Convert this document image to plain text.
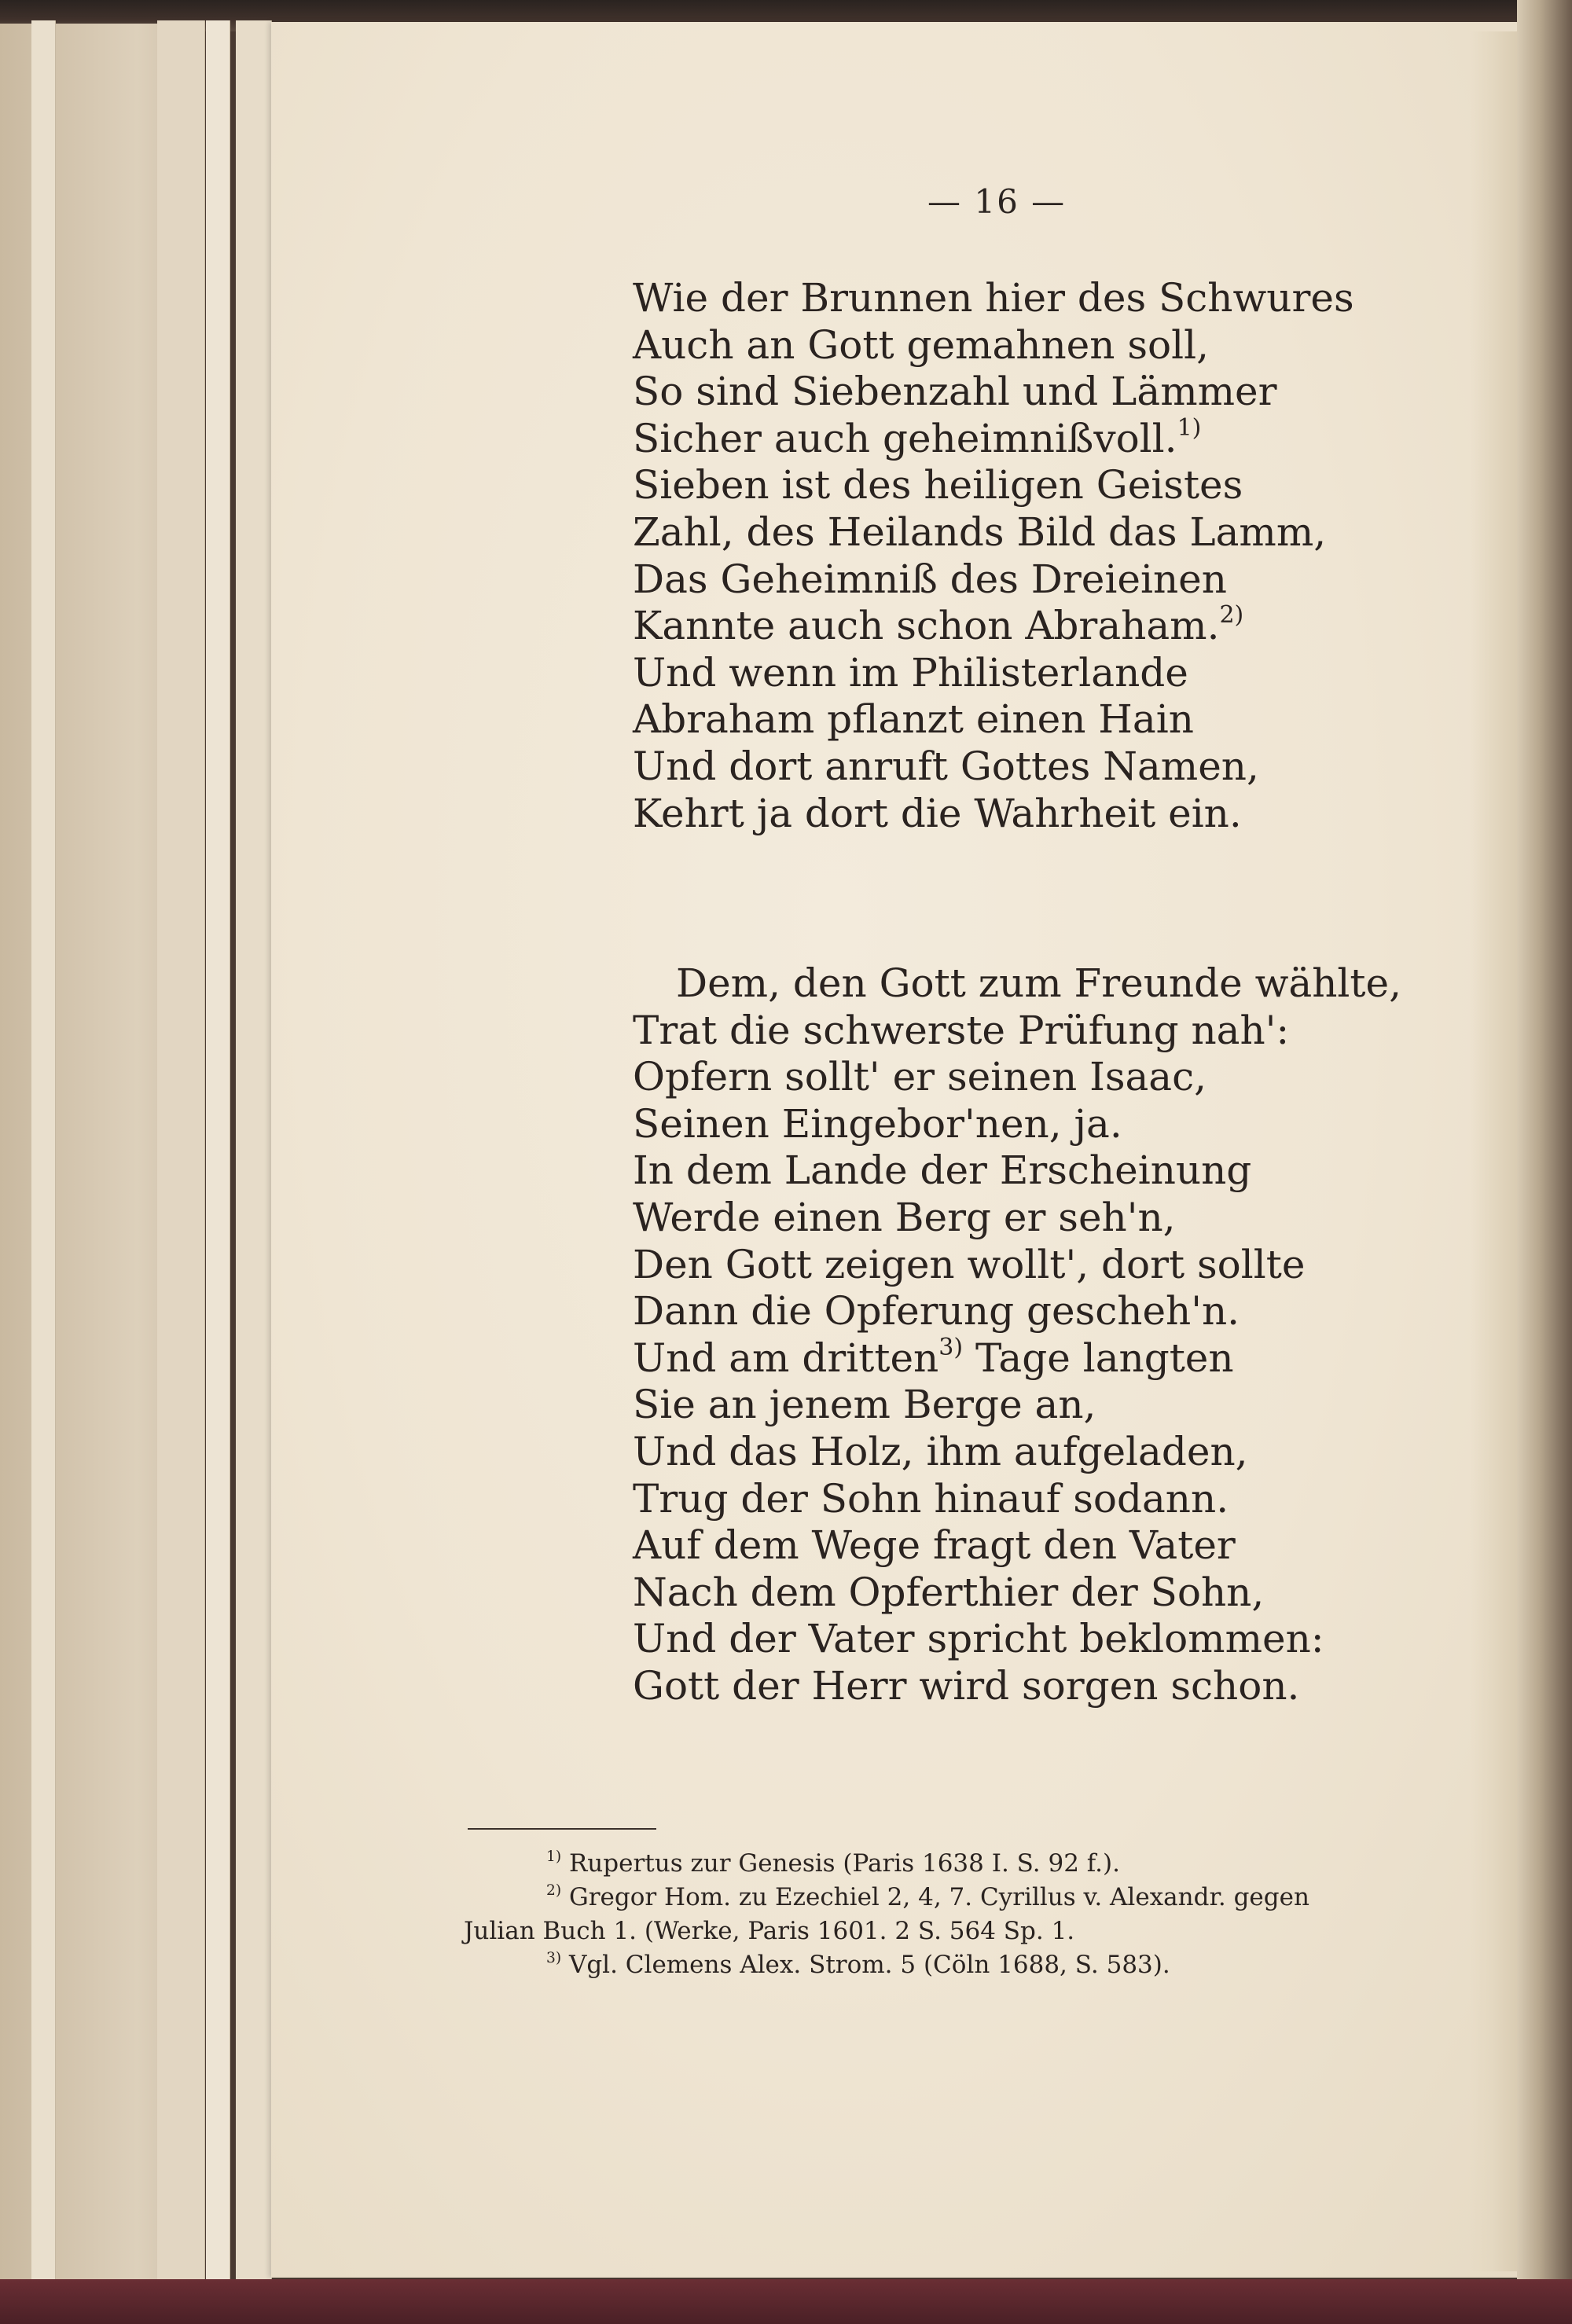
— 16 —
Wie der Brunnen hier des Schwures
Auch an Gott gemahnen soll,
So sind Siebenzahl und Lämmer
Sicher auch geheimnißvoll.$^{1)}$
Sieben ist des heiligen Geistes
Zahl, des Heilands Bild das Lamm,
Das Geheimniß des Dreieinen
Kannte auch schon Abraham.$^{2)}$
Und wenn im Philisterlande
Abraham pflanzt einen Hain
Und dort anruft Gottes Namen,
Kehrt ja dort die Wahrheit ein.
Dem, den Gott zum Freunde wählte,
Trat die schwerste Prüfung nah':
Opfern sollt' er seinen Isaac,
Seinen Eingebor'nen, ja.
In dem Lande der Erscheinung
Werde einen Berg er seh'n,
Den Gott zeigen wollt', dort sollte
Dann die Opferung gescheh'n.
Und am dritten$^{3)}$ Tage langten
Sie an jenem Berge an,
Und das Holz, ihm aufgeladen,
Trug der Sohn hinauf sodann.
Auf dem Wege fragt den Vater
Nach dem Opferthier der Sohn,
Und der Vater spricht beklommen:
Gott der Herr wird sorgen schon.
$^{1)}$ Rupertus zur Genesis (Paris 1638 I. S. 92 f.).
$^{2)}$ Gregor Hom. zu Ezechiel 2, 4, 7. Cyrillus v. Alexandr. gegen
Julian Buch 1. (Werke, Paris 1601. 2 S. 564 Sp. 1.
$^{3)}$ Vgl. Clemens Alex. Strom. 5 (Cöln 1688, S. 583).
